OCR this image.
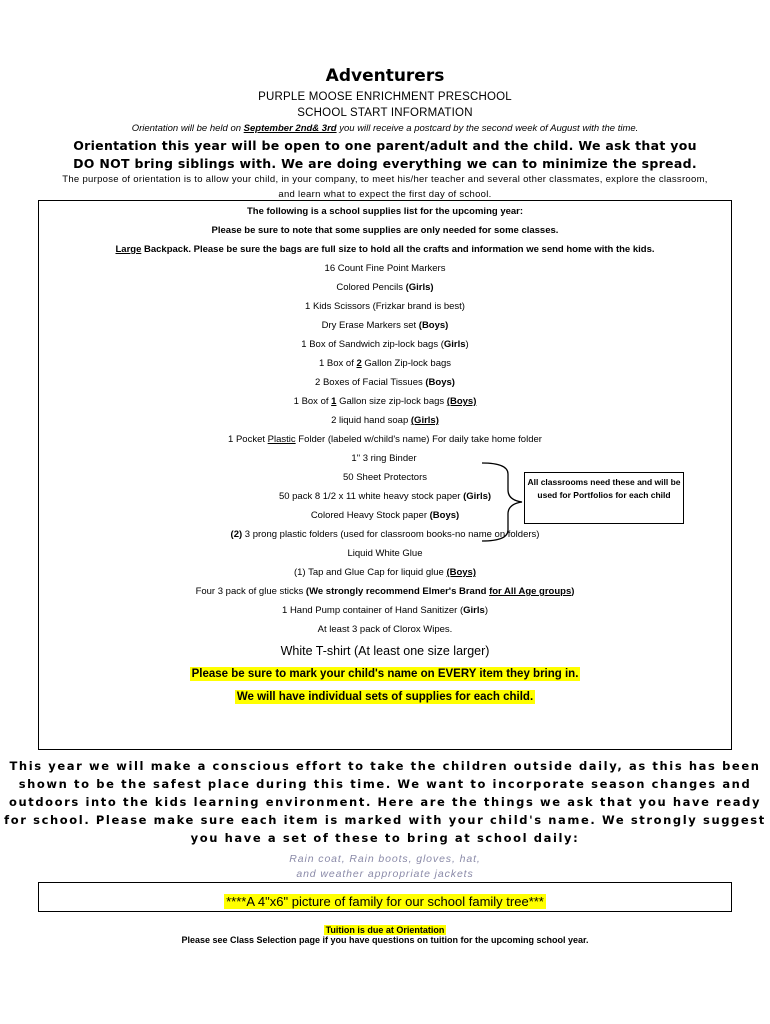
Adventurers
PURPLE MOOSE ENRICHMENT PRESCHOOL
SCHOOL START INFORMATION
Orientation will be held on September 2nd& 3rd you will receive a postcard by the second week of August with the time.
Orientation this year will be open to one parent/adult and the child. We ask that you
DO NOT bring siblings with. We are doing everything we can to minimize the spread.
The purpose of orientation is to allow your child, in your company, to meet his/her teacher and several other classmates, explore the classroom,
and learn what to expect the first day of school.
The following is a school supplies list for the upcoming year:
Please be sure to note that some supplies are only needed for some classes.
Large Backpack. Please be sure the bags are full size to hold all the crafts and information we send home with the kids.
16 Count Fine Point Markers
Colored Pencils (Girls)
1 Kids Scissors (Frizkar brand is best)
Dry Erase Markers set (Boys)
1 Box of Sandwich zip-lock bags (Girls)
1 Box of 2 Gallon Zip-lock bags
2 Boxes of Facial Tissues (Boys)
1 Box of 1 Gallon size zip-lock bags (Boys)
2 liquid hand soap (Girls)
1 Pocket Plastic Folder (labeled w/child's name) For daily take home folder
1" 3 ring Binder
50 Sheet Protectors
50 pack 8 1/2 x 11 white heavy stock paper (Girls)
Colored Heavy Stock paper (Boys)
(2) 3 prong plastic folders (used for classroom books-no name on folders)
Liquid White Glue
(1) Tap and Glue Cap for liquid glue (Boys)
Four 3 pack of glue sticks (We strongly recommend Elmer's Brand for All Age groups)
1 Hand Pump container of Hand Sanitizer (Girls)
At least 3 pack of Clorox Wipes.
White T-shirt (At least one size larger)
Please be sure to mark your child's name on EVERY item they bring in.
We will have individual sets of supplies for each child.
All classrooms need these and will be used for Portfolios for each child
This year we will make a conscious effort to take the children outside daily, as this has been
shown to be the safest place during this time. We want to incorporate season changes and
outdoors into the kids learning environment. Here are the things we ask that you have ready
for school. Please make sure each item is marked with your child's name. We strongly suggest
you have a set of these to bring at school daily:
Rain coat, Rain boots, gloves, hat,
and weather appropriate jackets
****A 4"x6" picture of family for our school family tree***
Tuition is due at Orientation
Please see Class Selection page if you have questions on tuition for the upcoming school year.
